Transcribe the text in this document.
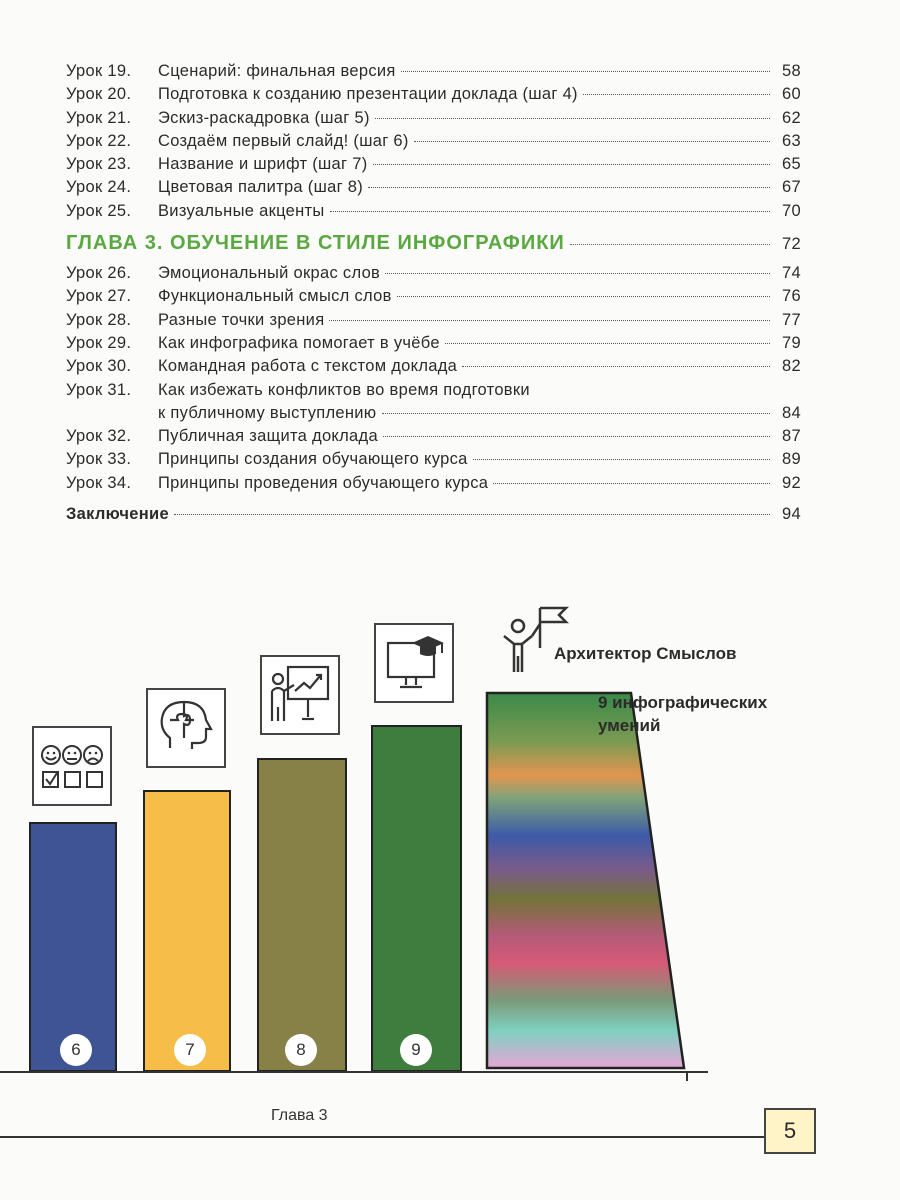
Урок 19.	Сценарий: финальная версия	58
Урок 20.	Подготовка к созданию презентации доклада (шаг 4)	60
Урок 21.	Эскиз-раскадровка (шаг 5)	62
Урок 22.	Создаём первый слайд! (шаг 6)	63
Урок 23.	Название и шрифт (шаг 7)	65
Урок 24.	Цветовая палитра (шаг 8)	67
Урок 25.	Визуальные акценты	70
ГЛАВА 3. ОБУЧЕНИЕ В СТИЛЕ ИНФОГРАФИКИ	72
Урок 26.	Эмоциональный окрас слов	74
Урок 27.	Функциональный смысл слов	76
Урок 28.	Разные точки зрения	77
Урок 29.	Как инфографика помогает в учёбе	79
Урок 30.	Командная работа с текстом доклада	82
Урок 31.	Как избежать конфликтов во время подготовки
к публичному выступлению	84
Урок 32.	Публичная защита доклада	87
Урок 33.	Принципы создания обучающего курса	89
Урок 34.	Принципы проведения обучающего курса	92
Заключение	94
6	7	8	9
Архитектор Смыслов
9 инфографических
умений
Глава 3
5
